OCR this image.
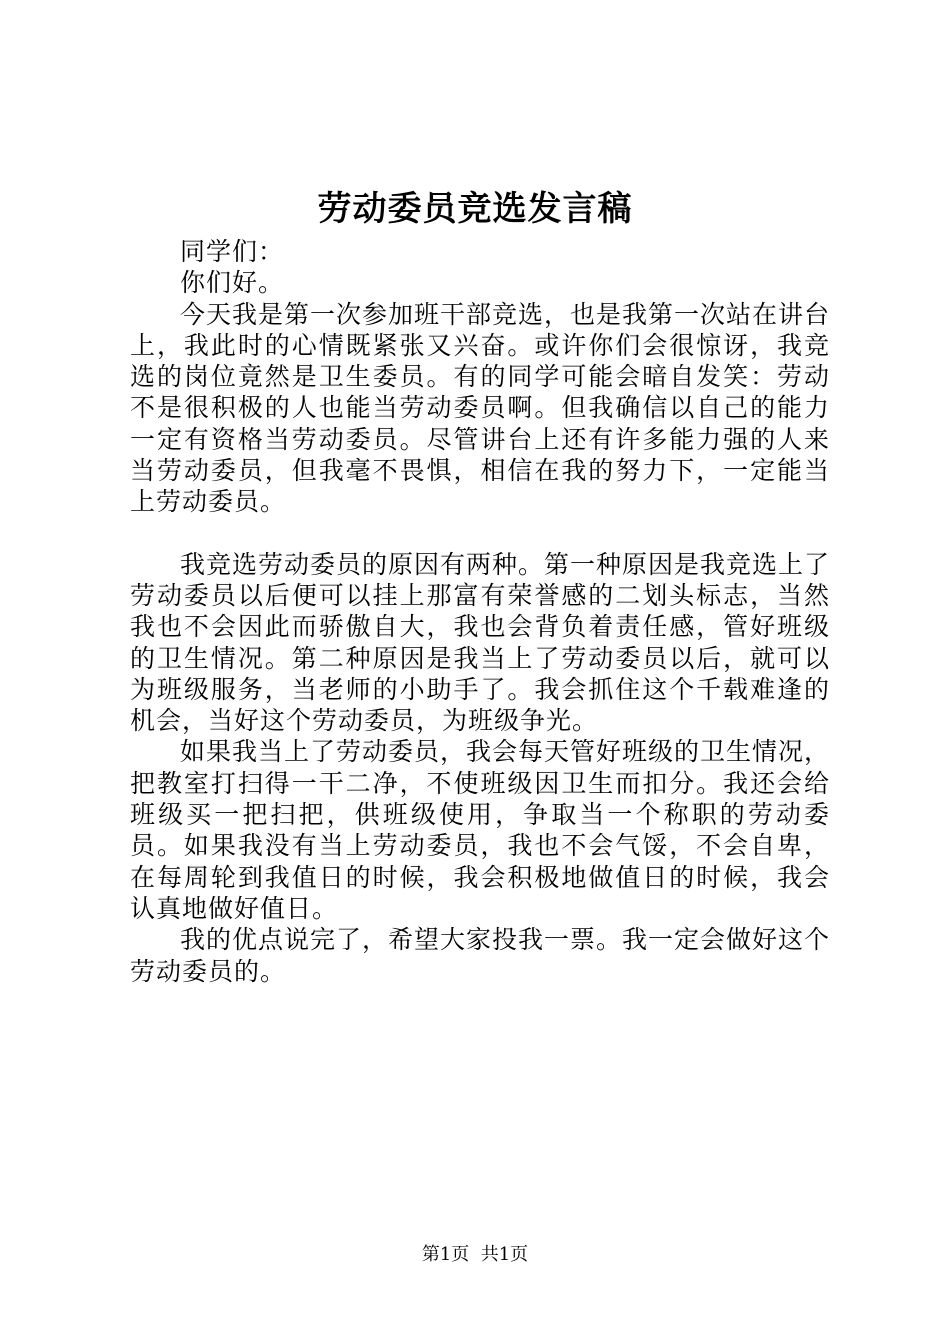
劳动委员竞选发言稿

同学们：

你们好。

今天我是第一次参加班干部竞选，也是我第一次站在讲台上，我此时的心情既紧张又兴奋。或许你们会很惊讶，我竞选的岗位竟然是卫生委员。有的同学可能会暗自发笑：劳动不是很积极的人也能当劳动委员啊。但我确信以自己的能力一定有资格当劳动委员。尽管讲台上还有许多能力强的人来当劳动委员，但我毫不畏惧，相信在我的努力下，一定能当上劳动委员。

我竞选劳动委员的原因有两种。第一种原因是我竞选上了劳动委员以后便可以挂上那富有荣誉感的二划头标志，当然我也不会因此而骄傲自大，我也会背负着责任感，管好班级的卫生情况。第二种原因是我当上了劳动委员以后，就可以为班级服务，当老师的小助手了。我会抓住这个千载难逢的机会，当好这个劳动委员，为班级争光。

如果我当上了劳动委员，我会每天管好班级的卫生情况，把教室打扫得一干二净，不使班级因卫生而扣分。我还会给班级买一把扫把，供班级使用，争取当一个称职的劳动委员。如果我没有当上劳动委员，我也不会气馁，不会自卑，在每周轮到我值日的时候，我会积极地做值日的时候，我会认真地做好值日。

我的优点说完了，希望大家投我一票。我一定会做好这个劳动委员的。

第1页  共1页
